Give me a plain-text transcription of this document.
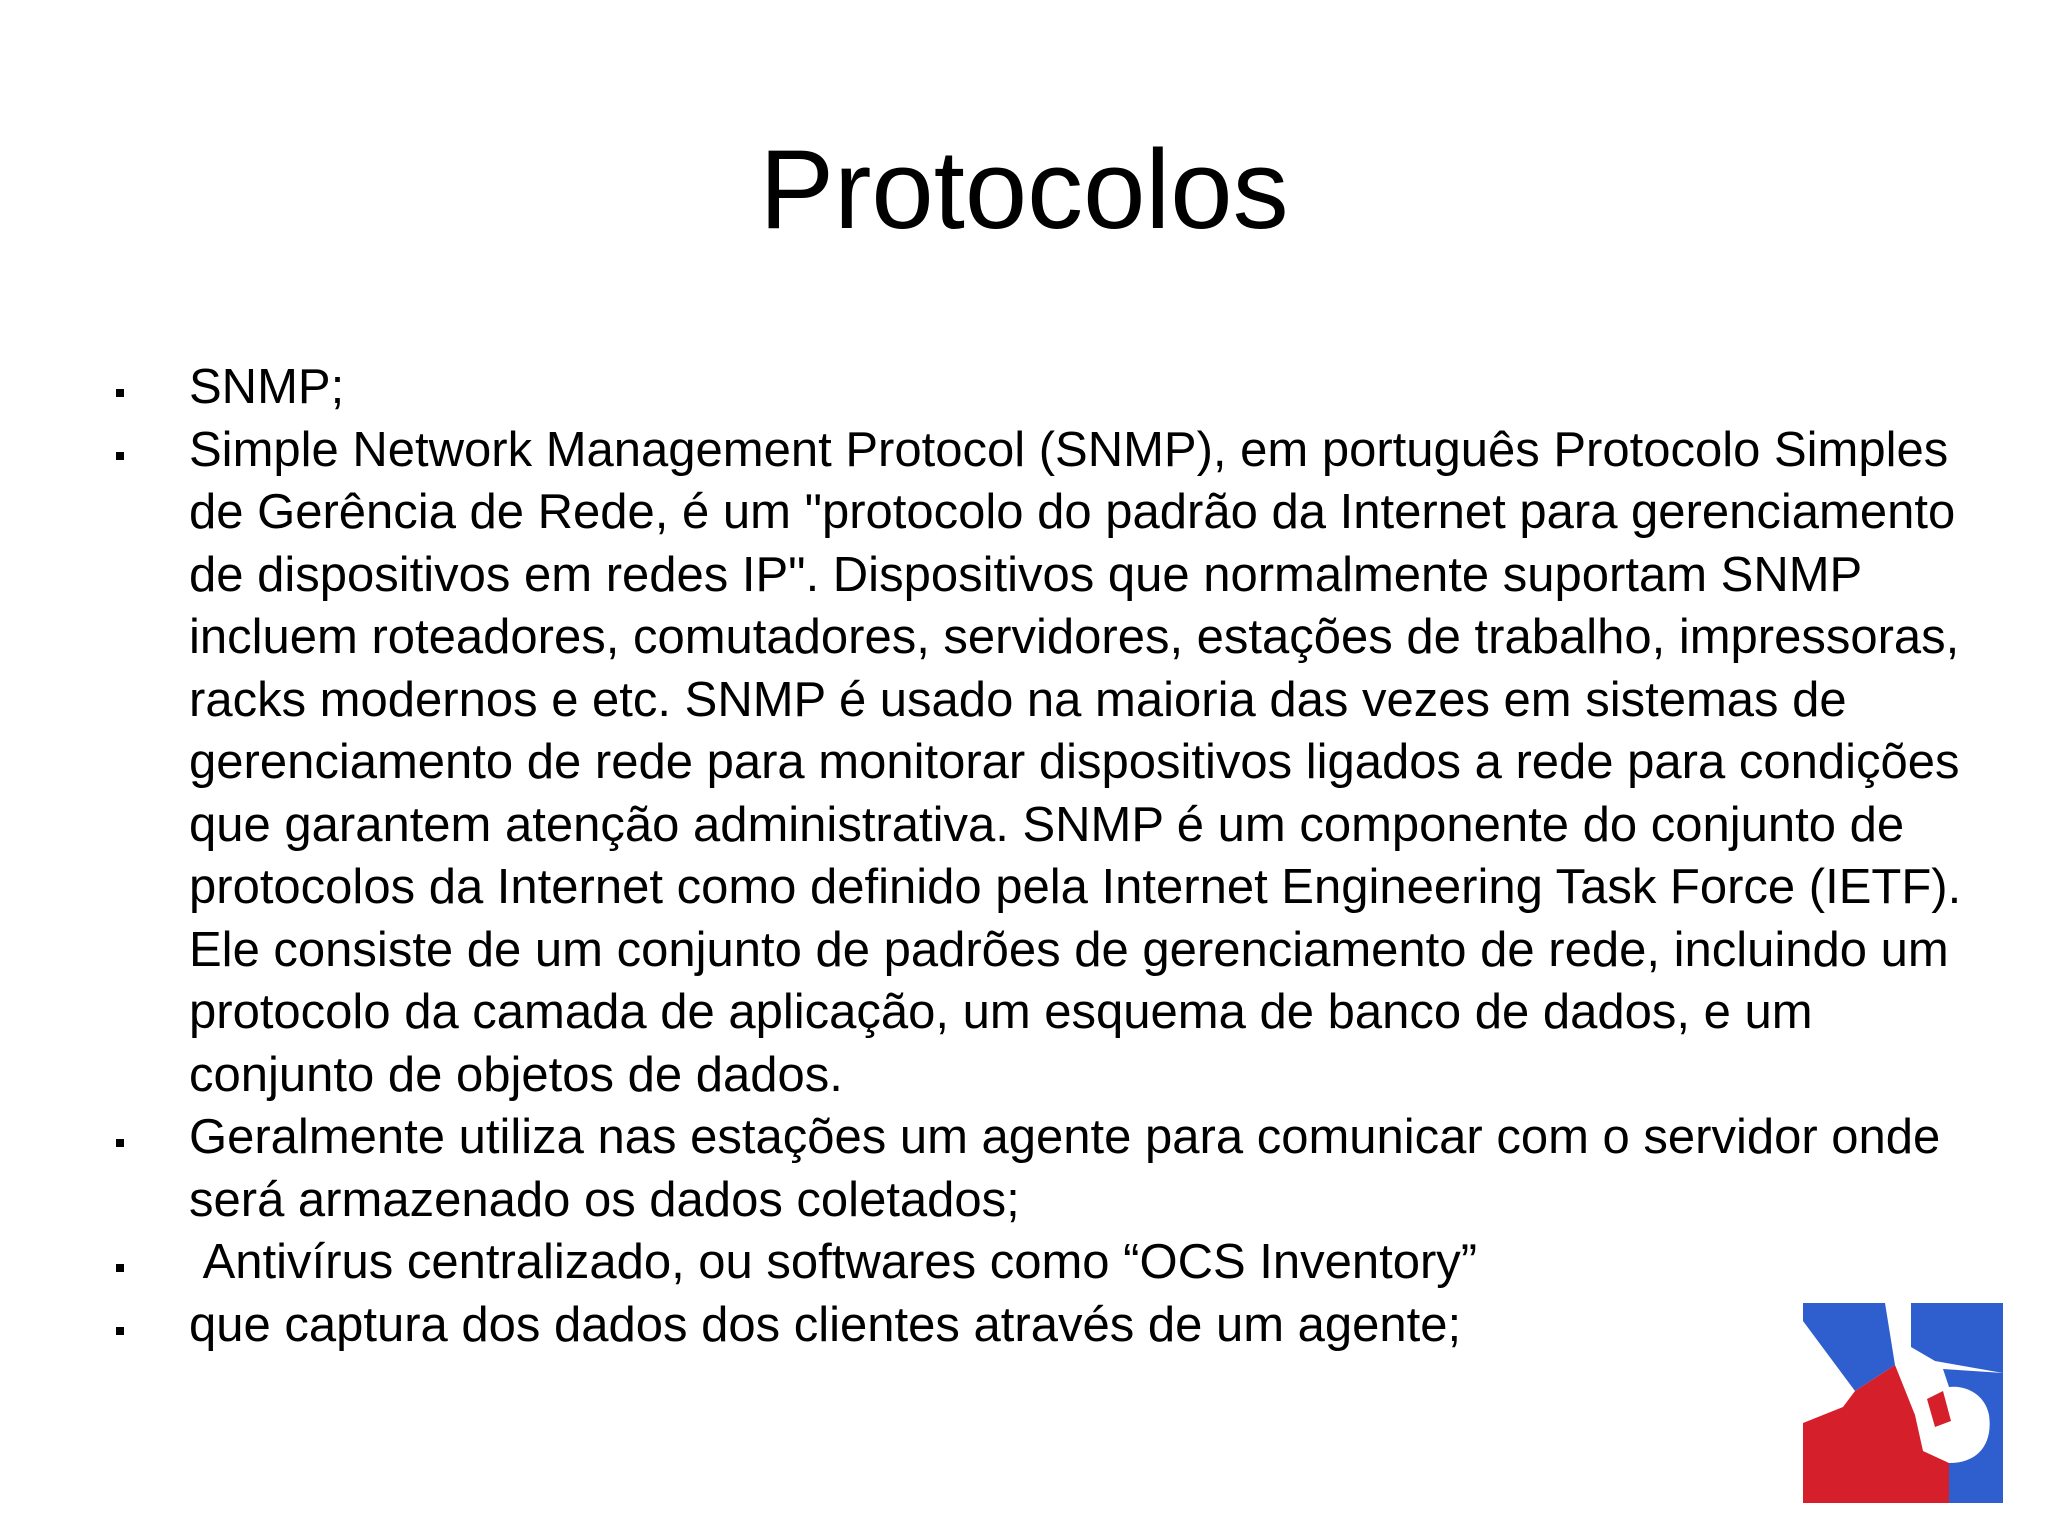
Protocolos
SNMP;
Simple Network Management Protocol (SNMP), em português Protocolo Simples de Gerência de Rede, é um "protocolo do padrão da Internet para gerenciamento de dispositivos em redes IP". Dispositivos que normalmente suportam SNMP incluem roteadores, comutadores, servidores, estações de trabalho, impressoras, racks modernos e etc. SNMP é usado na maioria das vezes em sistemas de gerenciamento de rede para monitorar dispositivos ligados a rede para condições que garantem atenção administrativa. SNMP é um componente do conjunto de protocolos da Internet como definido pela Internet Engineering Task Force (IETF). Ele consiste de um conjunto de padrões de gerenciamento de rede, incluindo um protocolo da camada de aplicação, um esquema de banco de dados, e um conjunto de objetos de dados.
Geralmente utiliza nas estações um agente para comunicar com o servidor onde será armazenado os dados coletados;
Antivírus centralizado, ou softwares como “OCS Inventory”
que captura dos dados dos clientes através de um agente;
